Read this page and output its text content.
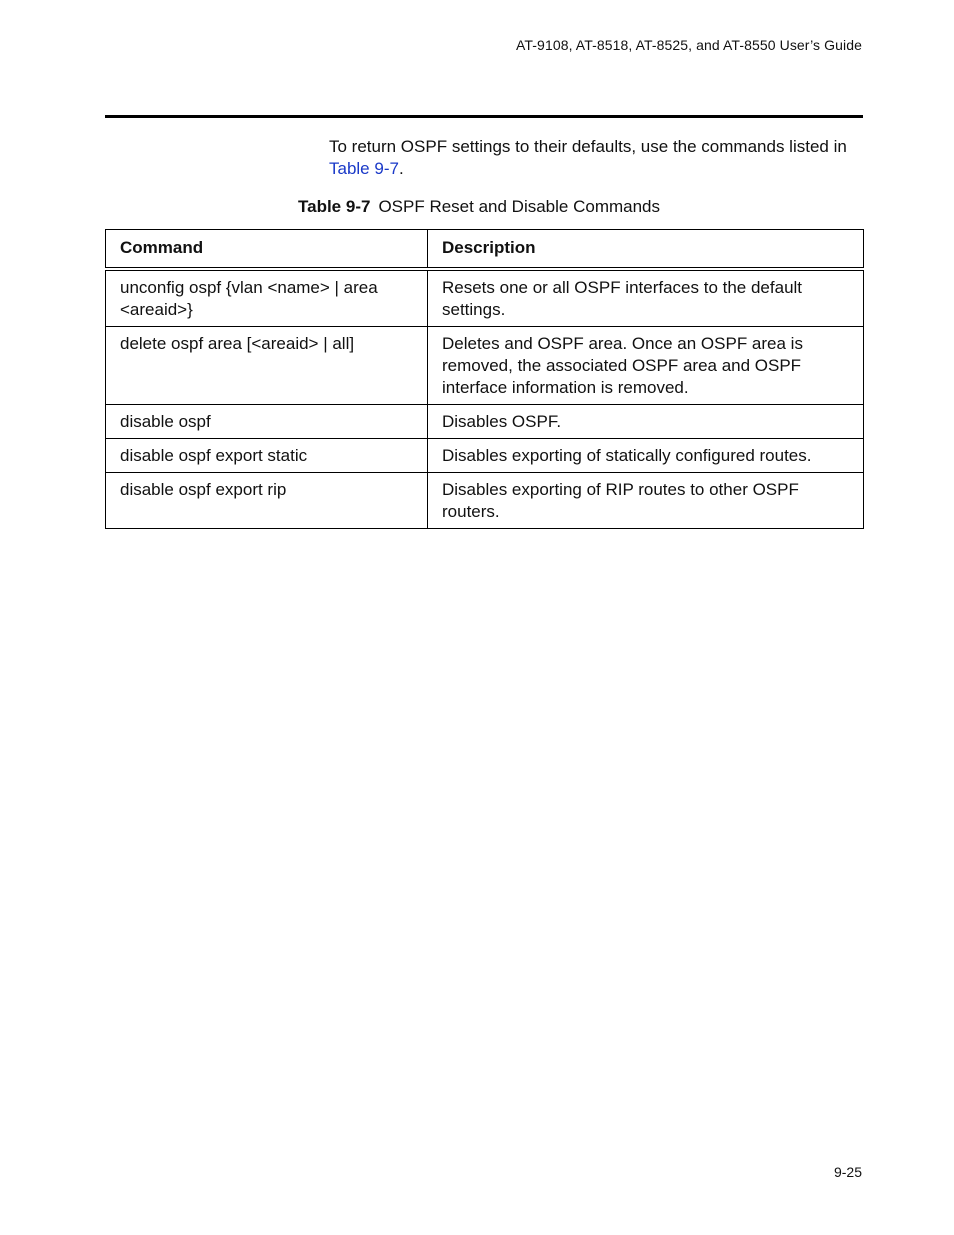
AT-9108, AT-8518, AT-8525, and AT-8550 User’s Guide

To return OSPF settings to their defaults, use the commands listed in Table 9-7.

Table 9-7 OSPF Reset and Disable Commands
Command	Description
unconfig ospf {vlan <name> | area <areaid>}	Resets one or all OSPF interfaces to the default settings.
delete ospf area [<areaid> | all]	Deletes and OSPF area. Once an OSPF area is removed, the associated OSPF area and OSPF interface information is removed.
disable ospf	Disables OSPF.
disable ospf export static	Disables exporting of statically configured routes.
disable ospf export rip	Disables exporting of RIP routes to other OSPF routers.
9-25
